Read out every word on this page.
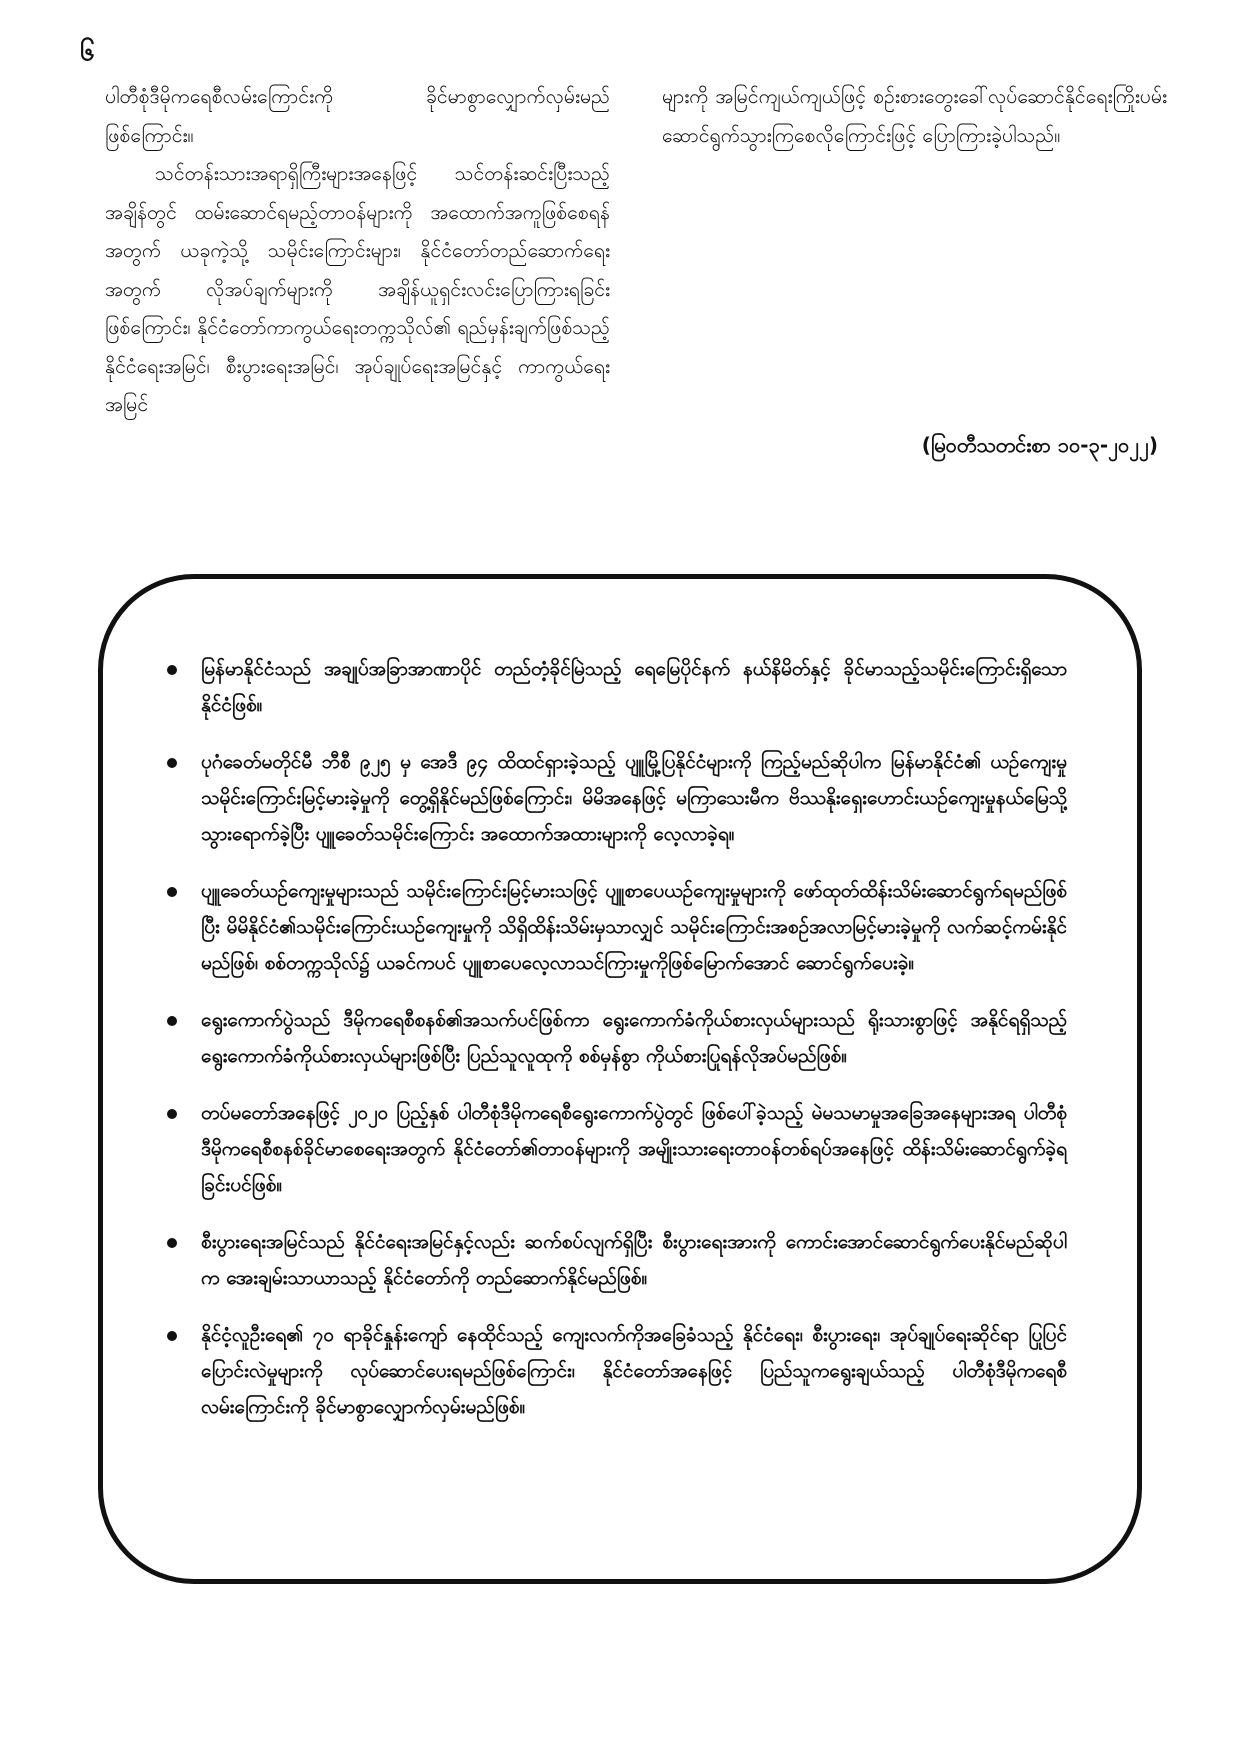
၆

ပါတီစုံဒီမိုကရေစီလမ်းကြောင်းကို ခိုင်မာစွာလျှောက်လှမ်းမည်ဖြစ်ကြောင်း။

သင်တန်းသားအရာရှိကြီးများအနေဖြင့် သင်တန်းဆင်းပြီးသည့်အချိန်တွင် ထမ်းဆောင်ရမည့်တာဝန်များကို အထောက်အကူဖြစ်စေရန်အတွက် ယခုကဲ့သို့ သမိုင်းကြောင်းများ၊ နိုင်ငံတော်တည်ဆောက်ရေးအတွက် လိုအပ်ချက်များကို အချိန်ယူရှင်းလင်းပြောကြားရခြင်းဖြစ်ကြောင်း၊ နိုင်ငံတော်ကာကွယ်ရေးတက္ကသိုလ်၏ ရည်မှန်းချက်ဖြစ်သည့် နိုင်ငံရေးအမြင်၊ စီးပွားရေးအမြင်၊ အုပ်ချုပ်ရေးအမြင်နှင့် ကာကွယ်ရေးအမြင်

များကို အမြင်ကျယ်ကျယ်ဖြင့် စဉ်းစားတွေးခေါ်လုပ်ဆောင်နိုင်ရေးကြိုးပမ်းဆောင်ရွက်သွားကြစေလိုကြောင်းဖြင့် ပြောကြားခဲ့ပါသည်။

(မြဝတီသတင်းစာ ၁၀-၃-၂၀၂၂)
မြန်မာနိုင်ငံသည် အချုပ်အခြာအာဏာပိုင် တည်တံ့ခိုင်မြဲသည့် ရေမြေပိုင်နက် နယ်နိမိတ်နှင့် ခိုင်မာသည့်သမိုင်းကြောင်းရှိသော နိုင်ငံဖြစ်။
ပုဂံခေတ်မတိုင်မီ ဘီစီ ၉၂၅ မှ အေဒီ ၉၄ ထိထင်ရှားခဲ့သည့် ပျူမြို့ပြနိုင်ငံများကို ကြည့်မည်ဆိုပါက မြန်မာနိုင်ငံ၏ ယဉ်ကျေးမှုသမိုင်းကြောင်းမြင့်မားခဲ့မှုကို တွေ့ရှိနိုင်မည်ဖြစ်ကြောင်း၊ မိမိအနေဖြင့် မကြာသေးမီက ဗိဿနိုးရှေးဟောင်းယဉ်ကျေးမှုနယ်မြေသို့သွားရောက်ခဲ့ပြီး ပျူခေတ်သမိုင်းကြောင်း အထောက်အထားများကို လေ့လာခဲ့ရ။
ပျူခေတ်ယဉ်ကျေးမှုများသည် သမိုင်းကြောင်းမြင့်မားသဖြင့် ပျူစာပေယဉ်ကျေးမှုများကို ဖော်ထုတ်ထိန်းသိမ်းဆောင်ရွက်ရမည်ဖြစ်ပြီး မိမိနိုင်ငံ၏သမိုင်းကြောင်းယဉ်ကျေးမှုကို သိရှိထိန်းသိမ်းမှသာလျှင် သမိုင်းကြောင်းအစဉ်အလာမြင့်မားခဲ့မှုကို လက်ဆင့်ကမ်းနိုင်မည်ဖြစ်၊ စစ်တက္ကသိုလ်၌ ယခင်ကပင် ပျူစာပေလေ့လာသင်ကြားမှုကိုဖြစ်မြောက်အောင် ဆောင်ရွက်ပေးခဲ့။
ရွေးကောက်ပွဲသည် ဒီမိုကရေစီစနစ်၏အသက်ပင်ဖြစ်ကာ ရွေးကောက်ခံကိုယ်စားလှယ်များသည် ရိုးသားစွာဖြင့် အနိုင်ရရှိသည့် ရွေးကောက်ခံကိုယ်စားလှယ်များဖြစ်ပြီး ပြည်သူလူထုကို စစ်မှန်စွာ ကိုယ်စားပြုရန်လိုအပ်မည်ဖြစ်။
တပ်မတော်အနေဖြင့် ၂၀၂၀ ပြည့်နှစ် ပါတီစုံဒီမိုကရေစီရွေးကောက်ပွဲတွင် ဖြစ်ပေါ်ခဲ့သည့် မဲမသမာမှုအခြေအနေများအရ ပါတီစုံဒီမိုကရေစီစနစ်ခိုင်မာစေရေးအတွက် နိုင်ငံတော်၏တာဝန်များကို အမျိုးသားရေးတာဝန်တစ်ရပ်အနေဖြင့် ထိန်းသိမ်းဆောင်ရွက်ခဲ့ရခြင်းပင်ဖြစ်။
စီးပွားရေးအမြင်သည် နိုင်ငံရေးအမြင်နှင့်လည်း ဆက်စပ်လျက်ရှိပြီး စီးပွားရေးအားကို ကောင်းအောင်ဆောင်ရွက်ပေးနိုင်မည်ဆိုပါက အေးချမ်းသာယာသည့် နိုင်ငံတော်ကို တည်ဆောက်နိုင်မည်ဖြစ်။
နိုင်ငံ့လူဦးရေ၏ ၇၀ ရာခိုင်နှုန်းကျော် နေထိုင်သည့် ကျေးလက်ကိုအခြေခံသည့် နိုင်ငံရေး၊ စီးပွားရေး၊ အုပ်ချုပ်ရေးဆိုင်ရာ ပြုပြင်ပြောင်းလဲမှုများကို လုပ်ဆောင်ပေးရမည်ဖြစ်ကြောင်း၊ နိုင်ငံတော်အနေဖြင့် ပြည်သူကရွေးချယ်သည့် ပါတီစုံဒီမိုကရေစီလမ်းကြောင်းကို ခိုင်မာစွာလျှောက်လှမ်းမည်ဖြစ်။
